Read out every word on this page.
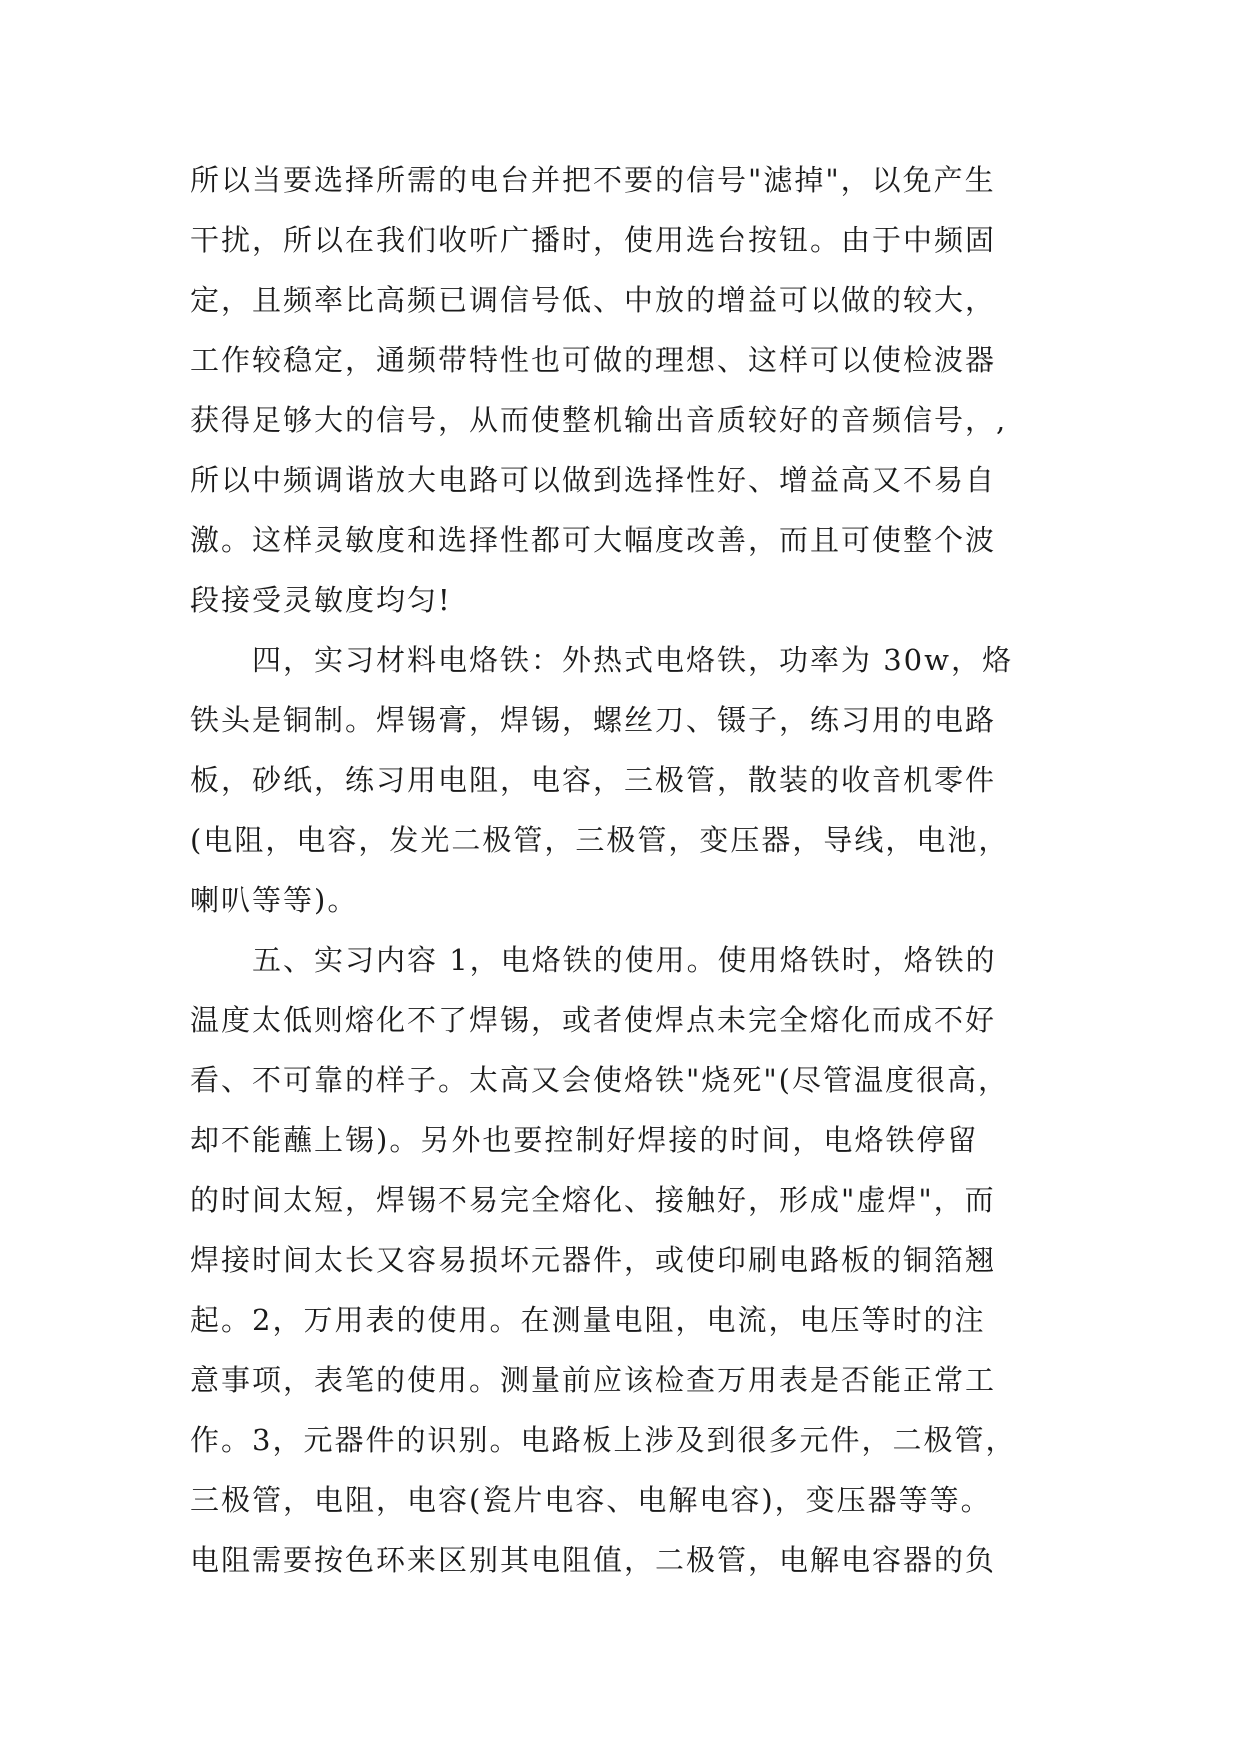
所以当要选择所需的电台并把不要的信号"滤掉"，以免产生
干扰，所以在我们收听广播时，使用选台按钮。由于中频固
定，且频率比高频已调信号低、中放的增益可以做的较大，
工作较稳定，通频带特性也可做的理想、这样可以使检波器
获得足够大的信号，从而使整机输出音质较好的音频信号，,
所以中频调谐放大电路可以做到选择性好、增益高又不易自
激。这样灵敏度和选择性都可大幅度改善，而且可使整个波
段接受灵敏度均匀!
　　四，实习材料电烙铁：外热式电烙铁，功率为 30w，烙
铁头是铜制。焊锡膏，焊锡，螺丝刀、镊子，练习用的电路
板，砂纸，练习用电阻，电容，三极管，散装的收音机零件
(电阻，电容，发光二极管，三极管，变压器，导线，电池，
喇叭等等)。
　　五、实习内容 1，电烙铁的使用。使用烙铁时，烙铁的
温度太低则熔化不了焊锡，或者使焊点未完全熔化而成不好
看、不可靠的样子。太高又会使烙铁"烧死"(尽管温度很高，
却不能蘸上锡)。另外也要控制好焊接的时间，电烙铁停留
的时间太短，焊锡不易完全熔化、接触好，形成"虚焊"，而
焊接时间太长又容易损坏元器件，或使印刷电路板的铜箔翘
起。2，万用表的使用。在测量电阻，电流，电压等时的注
意事项，表笔的使用。测量前应该检查万用表是否能正常工
作。3，元器件的识别。电路板上涉及到很多元件，二极管，
三极管，电阻，电容(瓷片电容、电解电容)，变压器等等。
电阻需要按色环来区别其电阻值，二极管，电解电容器的负
